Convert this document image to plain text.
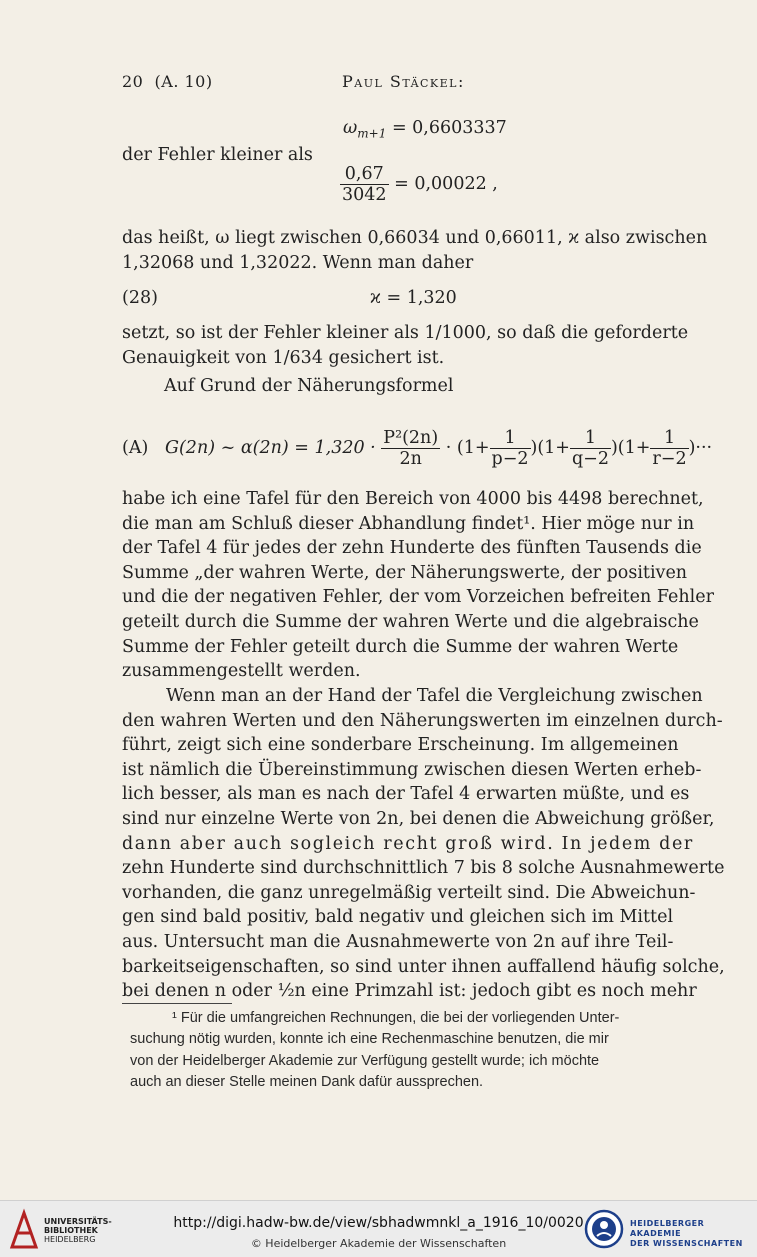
20 (A. 10)	Paul Stäckel:
$\omega_{m+1} = 0,6603337$
der Fehler kleiner als
$\frac{0,67}{3042} = 0,00022$ ,
das heißt, ω liegt zwischen 0,66034 und 0,66011, ϰ also zwischen
1,32068 und 1,32022. Wenn man daher
(28)	ϰ = 1,320
setzt, so ist der Fehler kleiner als 1/1000, so daß die geforderte
Genauigkeit von 1/634 gesichert ist.
Auf Grund der Näherungsformel
(A) G(2n) ~ $\alpha(2n) = 1,320 \cdot \frac{\text{P²(2n)}}{2n} \cdot (1+ \frac{1}{p-2} )(1+ \frac{1}{q-2} )(1+ \frac{1}{r-2}$ )···
habe ich eine Tafel für den Bereich von 4000 bis 4498 berechnet,
die man am Schluß dieser Abhandlung findet¹. Hier möge nur in
der Tafel 4 für jedes der zehn Hunderte des fünften Tausends die
Summe „der wahren Werte, der Näherungswerte, der positiven
und die der negativen Fehler, der vom Vorzeichen befreiten Fehler
geteilt durch die Summe der wahren Werte und die algebraische
Summe der Fehler geteilt durch die Summe der wahren Werte
zusammengestellt werden.
Wenn man an der Hand der Tafel die Vergleichung zwischen
den wahren Werten und den Näherungswerten im einzelnen durch-
führt, zeigt sich eine sonderbare Erscheinung. Im allgemeinen
ist nämlich die Übereinstimmung zwischen diesen Werten erheb-
lich besser, als man es nach der Tafel 4 erwarten müßte, und es
sind nur einzelne Werte von 2n, bei denen die Abweichung größer,
dann aber auch sogleich recht groß wird. In jedem der
zehn Hunderte sind durchschnittlich 7 bis 8 solche Ausnahmewerte
vorhanden, die ganz unregelmäßig verteilt sind. Die Abweichun-
gen sind bald positiv, bald negativ und gleichen sich im Mittel
aus. Untersucht man die Ausnahmewerte von 2n auf ihre Teil-
barkeitseigenschaften, so sind unter ihnen auffallend häufig solche,
bei denen n oder ½n eine Primzahl ist: jedoch gibt es noch mehr
¹ Für die umfangreichen Rechnungen, die bei der vorliegenden Unter-
suchung nötig wurden, konnte ich eine Rechenmaschine benutzen, die mir
von der Heidelberger Akademie zur Verfügung gestellt wurde; ich möchte
auch an dieser Stelle meinen Dank dafür aussprechen.
UNIVERSITÄTS-
BIBLIOTHEK
HEIDELBERG
http://digi.hadw-bw.de/view/sbhadwmnkl_a_1916_10/0020
© Heidelberger Akademie der Wissenschaften
HEIDELBERGER AKADEMIE
DER WISSENSCHAFTEN
